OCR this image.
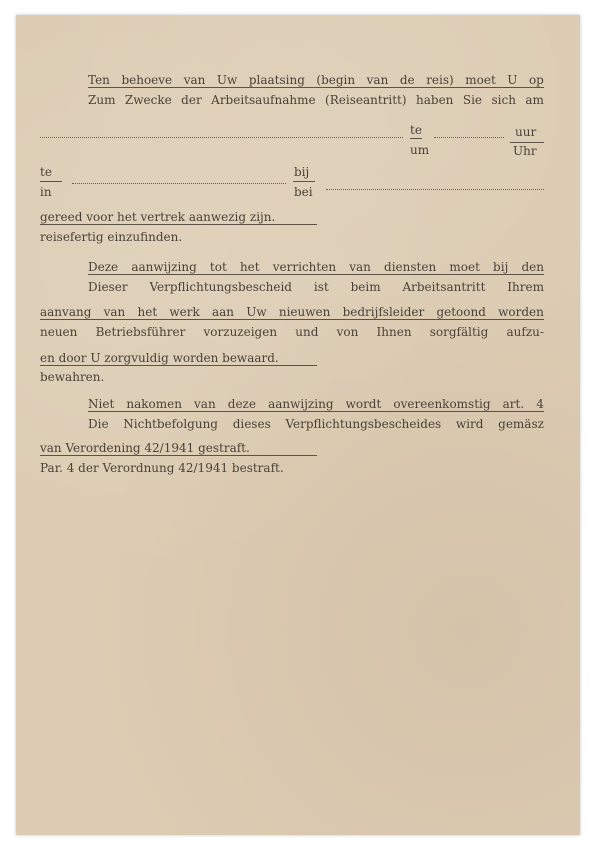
Ten behoeve van Uw plaatsing (begin van de reis) moet U op
Zum Zwecke der Arbeitsaufnahme (Reiseantritt) haben Sie sich am
te
um
uur
Uhr
te
in
bij
bei
gereed voor het vertrek aanwezig zijn.
reisefertig einzufinden.
Deze aanwijzing tot het verrichten van diensten moet bij den
Dieser Verpflichtungsbescheid ist beim Arbeitsantritt Ihrem
aanvang van het werk aan Uw nieuwen bedrijfsleider getoond worden
neuen Betriebsführer vorzuzeigen und von Ihnen sorgfältig aufzu-
en door U zorgvuldig worden bewaard.
bewahren.
Niet nakomen van deze aanwijzing wordt overeenkomstig art. 4
Die Nichtbefolgung dieses Verpflichtungsbescheides wird gemäsz
van Verordening 42/1941 gestraft.
Par. 4 der Verordnung 42/1941 bestraft.
